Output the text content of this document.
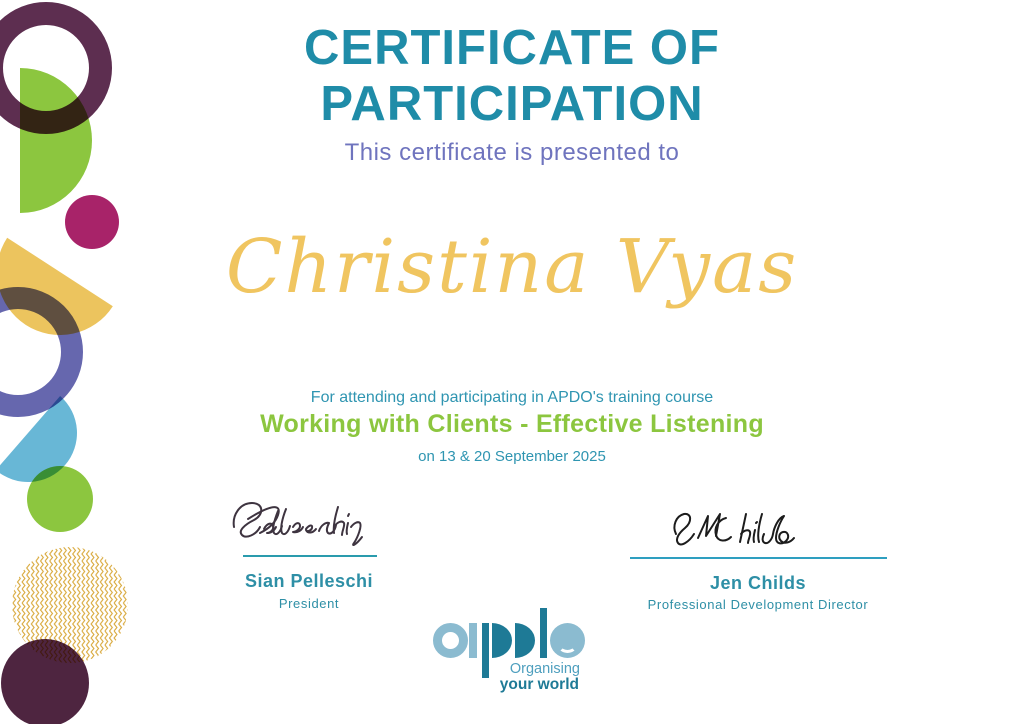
CERTIFICATE OF PARTICIPATION
This certificate is presented to
Christina Vyas
For attending and participating in APDO's training course
Working with Clients - Effective Listening
on 13 & 20 September 2025
Sian Pelleschi
President
Jen Childs
Professional Development Director
Organising
your world
